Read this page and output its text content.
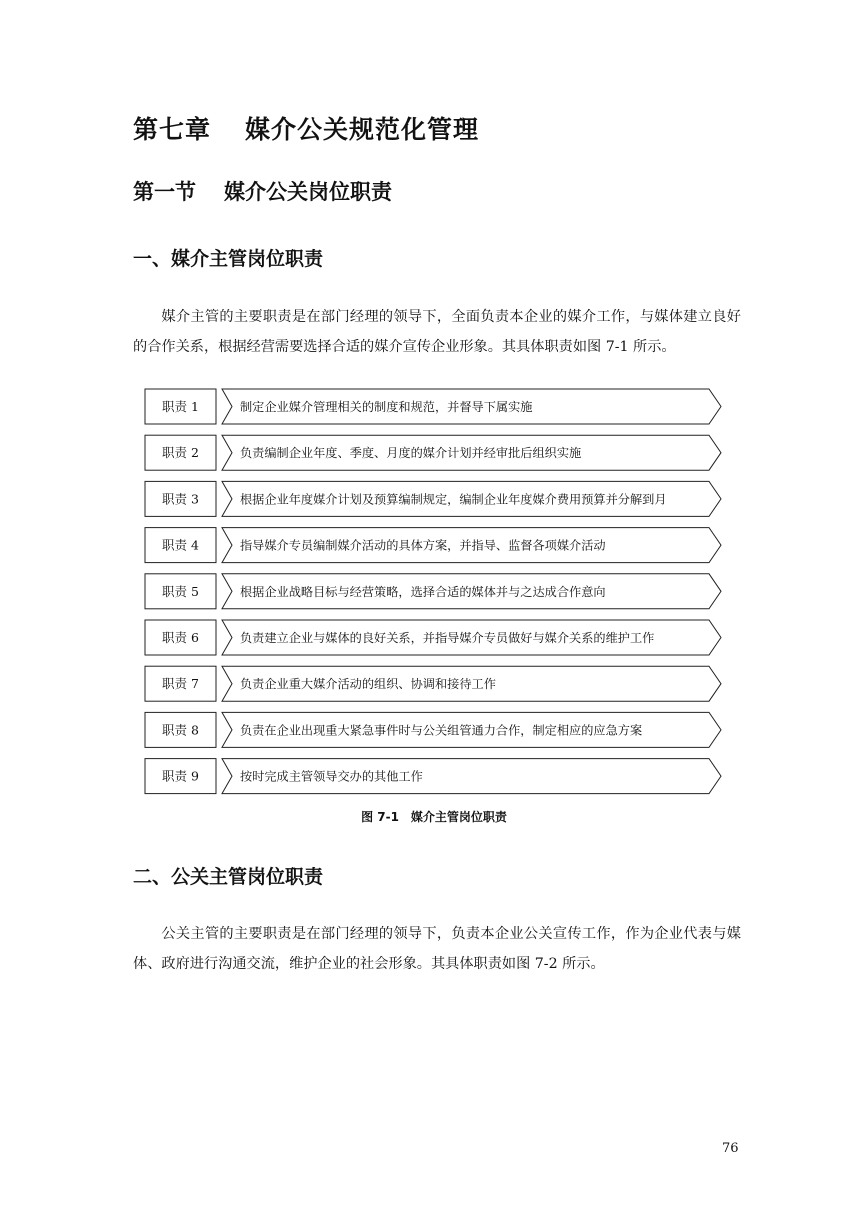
第七章 媒介公关规范化管理
第一节 媒介公关岗位职责
一、媒介主管岗位职责
媒介主管的主要职责是在部门经理的领导下，全面负责本企业的媒介工作，与媒体建立良好的合作关系，根据经营需要选择合适的媒介宣传企业形象。其具体职责如图 7-1 所示。
职责 1	制定企业媒介管理相关的制度和规范，并督导下属实施
职责 2	负责编制企业年度、季度、月度的媒介计划并经审批后组织实施
职责 3	根据企业年度媒介计划及预算编制规定，编制企业年度媒介费用预算并分解到月
职责 4	指导媒介专员编制媒介活动的具体方案，并指导、监督各项媒介活动
职责 5	根据企业战略目标与经营策略，选择合适的媒体并与之达成合作意向
职责 6	负责建立企业与媒体的良好关系，并指导媒介专员做好与媒介关系的维护工作
职责 7	负责企业重大媒介活动的组织、协调和接待工作
职责 8	负责在企业出现重大紧急事件时与公关组管通力合作，制定相应的应急方案
职责 9	按时完成主管领导交办的其他工作
图 7-1　媒介主管岗位职责
二、公关主管岗位职责
公关主管的主要职责是在部门经理的领导下，负责本企业公关宣传工作，作为企业代表与媒体、政府进行沟通交流，维护企业的社会形象。其具体职责如图 7-2 所示。
76
